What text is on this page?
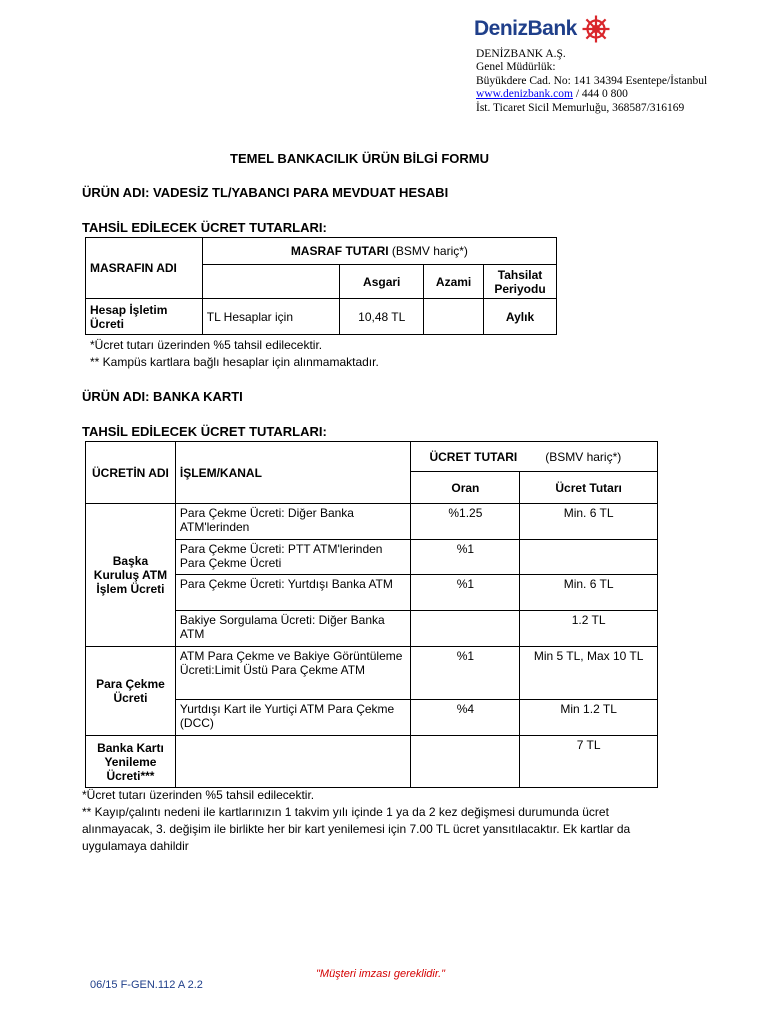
DenizBank
DENİZBANK A.Ş.
Genel Müdürlük:
Büyükdere Cad. No: 141 34394 Esentepe/İstanbul
www.denizbank.com / 444 0 800
İst. Ticaret Sicil Memurluğu, 368587/316169
TEMEL BANKACILIK ÜRÜN BİLGİ FORMU
ÜRÜN ADI: VADESİZ TL/YABANCI PARA MEVDUAT HESABI
TAHSİL EDİLECEK ÜCRET TUTARLARI:
MASRAFIN ADI	MASRAF TUTARI (BSMV hariç*)			
		Asgari	Azami	Tahsilat Periyodu
Hesap İşletim Ücreti	TL Hesaplar için	10,48 TL		Aylık
*Ücret tutarı üzerinden %5 tahsil edilecektir.
** Kampüs kartlara bağlı hesaplar için alınmamaktadır.
ÜRÜN ADI: BANKA KARTI
TAHSİL EDİLECEK ÜCRET TUTARLARI:
ÜCRETİN ADI	İŞLEM/KANAL	ÜCRET TUTARI (BSMV hariç*)	
		Oran	Ücret Tutarı
Başka Kuruluş ATM İşlem Ücreti	Para Çekme Ücreti: Diğer Banka ATM'lerinden	%1.25	Min. 6 TL
	Para Çekme Ücreti: PTT ATM'lerinden Para Çekme Ücreti	%1	
	Para Çekme Ücreti: Yurtdışı Banka ATM	%1	Min. 6 TL
	Bakiye Sorgulama Ücreti: Diğer Banka ATM		1.2 TL
Para Çekme Ücreti	ATM Para Çekme ve Bakiye Görüntüleme Ücreti:Limit Üstü Para Çekme ATM	%1	Min 5 TL, Max 10 TL
	Yurtdışı Kart ile Yurtiçi ATM Para Çekme (DCC)	%4	Min 1.2 TL
Banka Kartı Yenileme Ücreti***			7 TL
*Ücret tutarı üzerinden %5 tahsil edilecektir.
** Kayıp/çalıntı nedeni ile kartlarınızın 1 takvim yılı içinde 1 ya da 2 kez değişmesi durumunda ücret alınmayacak, 3. değişim ile birlikte her bir kart yenilemesi için 7.00 TL ücret yansıtılacaktır. Ek kartlar da uygulamaya dahildir
"Müşteri imzası gereklidir."
06/15 F-GEN.112 A 2.2
